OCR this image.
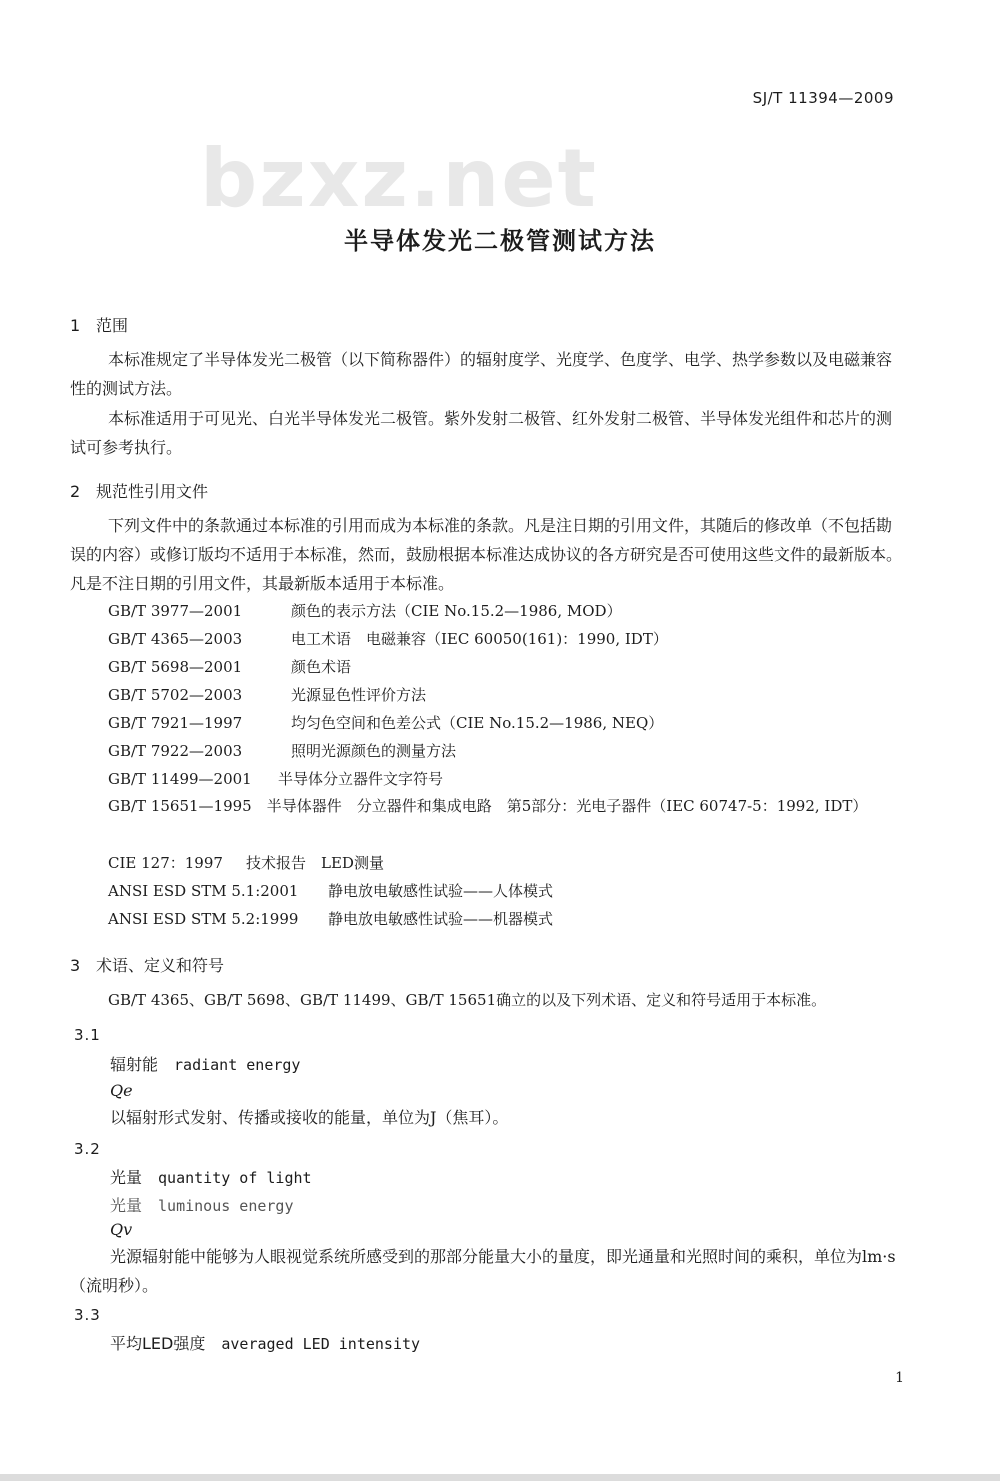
SJ/T 11394—2009
bzxz.net
半导体发光二极管测试方法
1 范围
本标准规定了半导体发光二极管（以下简称器件）的辐射度学、光度学、色度学、电学、热学参数以及电磁兼容性的测试方法。
本标准适用于可见光、白光半导体发光二极管。紫外发射二极管、红外发射二极管、半导体发光组件和芯片的测试可参考执行。
2 规范性引用文件
下列文件中的条款通过本标准的引用而成为本标准的条款。凡是注日期的引用文件，其随后的修改单（不包括勘误的内容）或修订版均不适用于本标准，然而，鼓励根据本标准达成协议的各方研究是否可使用这些文件的最新版本。凡是不注日期的引用文件，其最新版本适用于本标准。
GB/T 3977—2001	颜色的表示方法（CIE No.15.2—1986, MOD）
GB/T 4365—2003	电工术语　电磁兼容（IEC 60050(161)：1990, IDT）
GB/T 5698—2001	颜色术语
GB/T 5702—2003	光源显色性评价方法
GB/T 7921—1997	均匀色空间和色差公式（CIE No.15.2—1986, NEQ）
GB/T 7922—2003	照明光源颜色的测量方法
GB/T 11499—2001 半导体分立器件文字符号
GB/T 15651—1995　半导体器件　分立器件和集成电路　第5部分：光电子器件（IEC 60747-5：1992, IDT）
CIE 127：1997 技术报告　LED测量
ANSI ESD STM 5.1:2001 静电放电敏感性试验——人体模式
ANSI ESD STM 5.2:1999 静电放电敏感性试验——机器模式
3 术语、定义和符号
GB/T 4365、GB/T 5698、GB/T 11499、GB/T 15651确立的以及下列术语、定义和符号适用于本标准。
3.1
辐射能 radiant energy
Qe
以辐射形式发射、传播或接收的能量，单位为J（焦耳）。
3.2
光量 quantity of light
光量 luminous energy
Qv
光源辐射能中能够为人眼视觉系统所感受到的那部分能量大小的量度，即光通量和光照时间的乘积，单位为lm·s（流明秒）。
3.3
平均LED强度 averaged LED intensity
1
